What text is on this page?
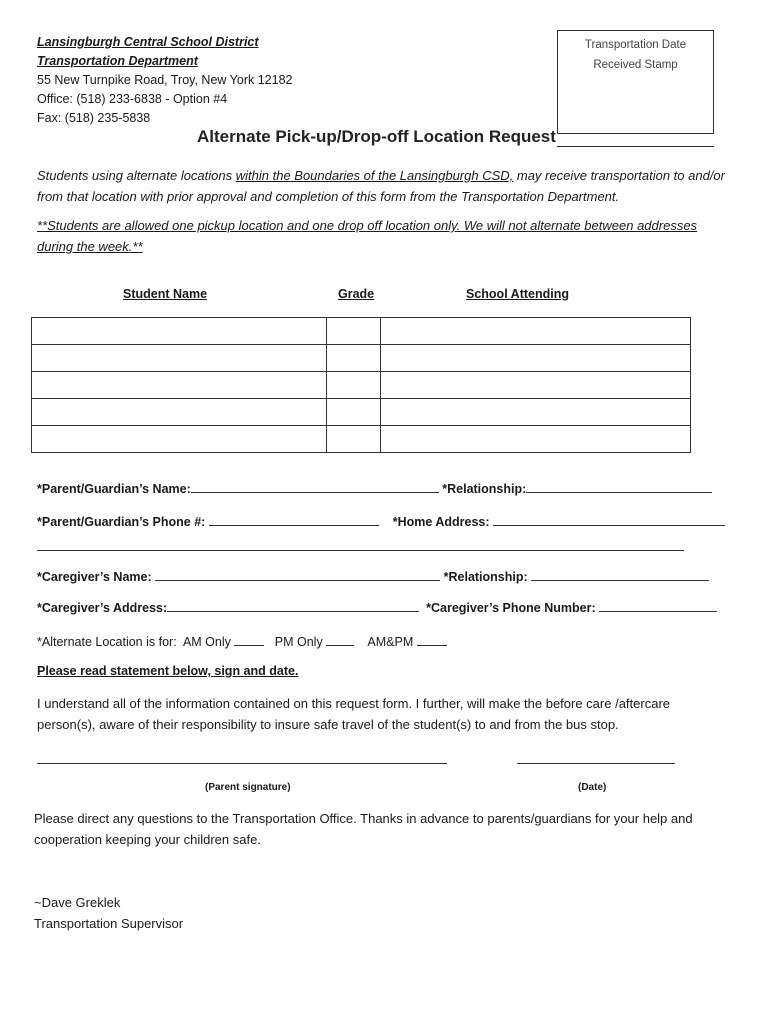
Lansingburgh Central School District
Transportation Department
55 New Turnpike Road, Troy, New York 12182
Office: (518) 233-6838 - Option #4
Fax: (518) 235-5838
Transportation Date
Received Stamp
Alternate Pick-up/Drop-off Location Request
Students using alternate locations within the Boundaries of the Lansingburgh CSD, may receive transportation to and/or from that location with prior approval and completion of this form from the Transportation Department.
**Students are allowed one pickup location and one drop off location only. We will not alternate between addresses during the week.**
Student Name	Grade	School Attending

*Parent/Guardian’s Name:	*Relationship:
*Parent/Guardian’s Phone #:	*Home Address:
*Caregiver’s Name:	*Relationship:
*Caregiver’s Address:	*Caregiver’s Phone Number:
*Alternate Location is for: AM Only	PM Only	AM&PM
Please read statement below, sign and date.
I understand all of the information contained on this request form. I further, will make the before care /aftercare person(s), aware of their responsibility to insure safe travel of the student(s) to and from the bus stop.
(Parent signature)	(Date)
Please direct any questions to the Transportation Office. Thanks in advance to parents/guardians for your help and cooperation keeping your children safe.
~Dave Greklek
Transportation Supervisor
